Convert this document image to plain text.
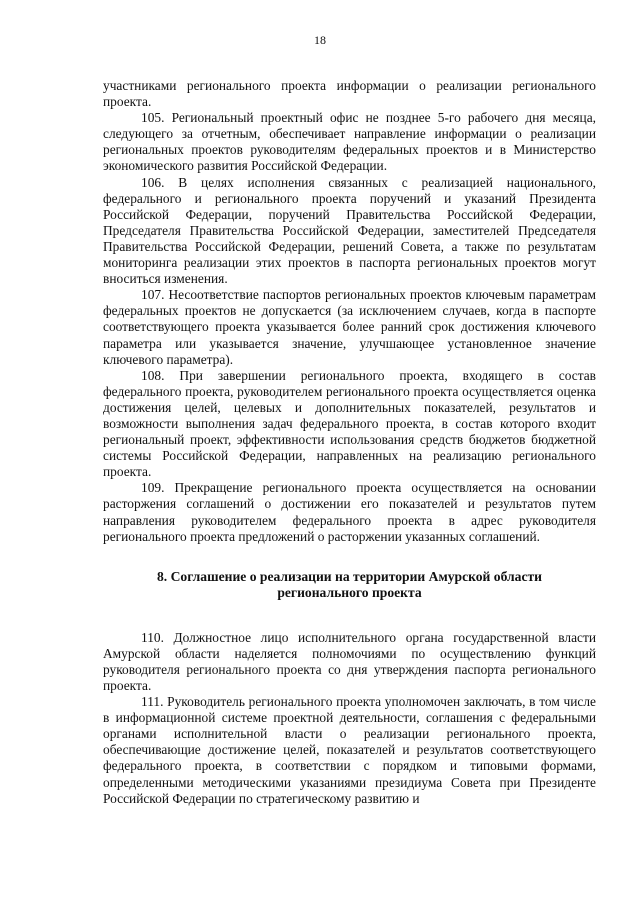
18

участниками регионального проекта информации о реализации регионального проекта.

105. Региональный проектный офис не позднее 5-го рабочего дня месяца, следующего за отчетным, обеспечивает направление информации о реализации региональных проектов руководителям федеральных проектов и в Министерство экономического развития Российской Федерации.

106. В целях исполнения связанных с реализацией национального, федерального и регионального проекта поручений и указаний Президента Российской Федерации, поручений Правительства Российской Федерации, Председателя Правительства Российской Федерации, заместителей Председателя Правительства Российской Федерации, решений Совета, а также по результатам мониторинга реализации этих проектов в паспорта региональных проектов могут вноситься изменения.

107. Несоответствие паспортов региональных проектов ключевым параметрам федеральных проектов не допускается (за исключением случаев, когда в паспорте соответствующего проекта указывается более ранний срок достижения ключевого параметра или указывается значение, улучшающее установленное значение ключевого параметра).

108. При завершении регионального проекта, входящего в состав федерального проекта, руководителем регионального проекта осуществляется оценка достижения целей, целевых и дополнительных показателей, результатов и возможности выполнения задач федерального проекта, в состав которого входит региональный проект, эффективности использования средств бюджетов бюджетной системы Российской Федерации, направленных на реализацию регионального проекта.

109. Прекращение регионального проекта осуществляется на основании расторжения соглашений о достижении его показателей и результатов путем направления руководителем федерального проекта в адрес руководителя регионального проекта предложений о расторжении указанных соглашений.

8. Соглашение о реализации на территории Амурской области
регионального проекта

110. Должностное лицо исполнительного органа государственной власти Амурской области наделяется полномочиями по осуществлению функций руководителя регионального проекта со дня утверждения паспорта регионального проекта.

111. Руководитель регионального проекта уполномочен заключать, в том числе в информационной системе проектной деятельности, соглашения с федеральными органами исполнительной власти о реализации регионального проекта, обеспечивающие достижение целей, показателей и результатов соответствующего федерального проекта, в соответствии с порядком и типовыми формами, определенными методическими указаниями президиума Совета при Президенте Российской Федерации по стратегическому развитию и
